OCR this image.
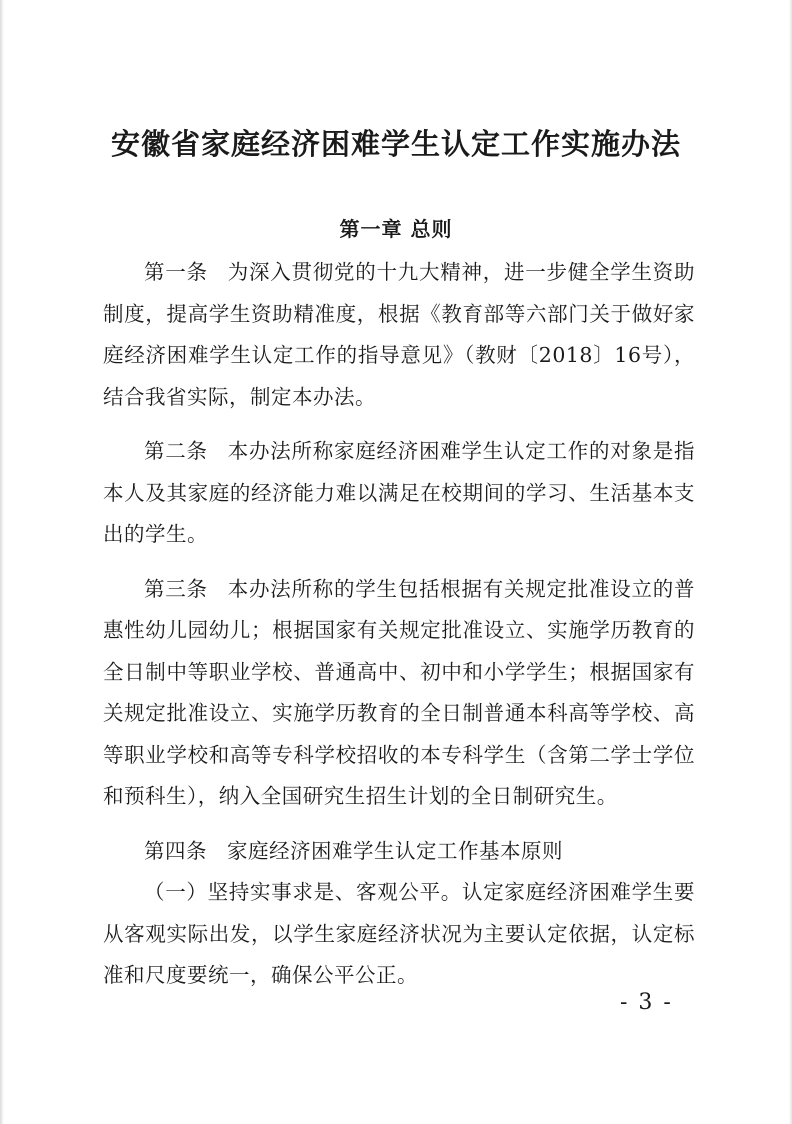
安徽省家庭经济困难学生认定工作实施办法
第一章 总则

第一条 为深入贯彻党的十九大精神，进一步健全学生资助制度，提高学生资助精准度，根据《教育部等六部门关于做好家庭经济困难学生认定工作的指导意见》（教财〔2018〕16号），结合我省实际，制定本办法。

第二条 本办法所称家庭经济困难学生认定工作的对象是指本人及其家庭的经济能力难以满足在校期间的学习、生活基本支出的学生。

第三条 本办法所称的学生包括根据有关规定批准设立的普惠性幼儿园幼儿；根据国家有关规定批准设立、实施学历教育的全日制中等职业学校、普通高中、初中和小学学生；根据国家有关规定批准设立、实施学历教育的全日制普通本科高等学校、高等职业学校和高等专科学校招收的本专科学生（含第二学士学位和预科生），纳入全国研究生招生计划的全日制研究生。

第四条 家庭经济困难学生认定工作基本原则

（一）坚持实事求是、客观公平。认定家庭经济困难学生要从客观实际出发，以学生家庭经济状况为主要认定依据，认定标准和尺度要统一，确保公平公正。

- 3 -
